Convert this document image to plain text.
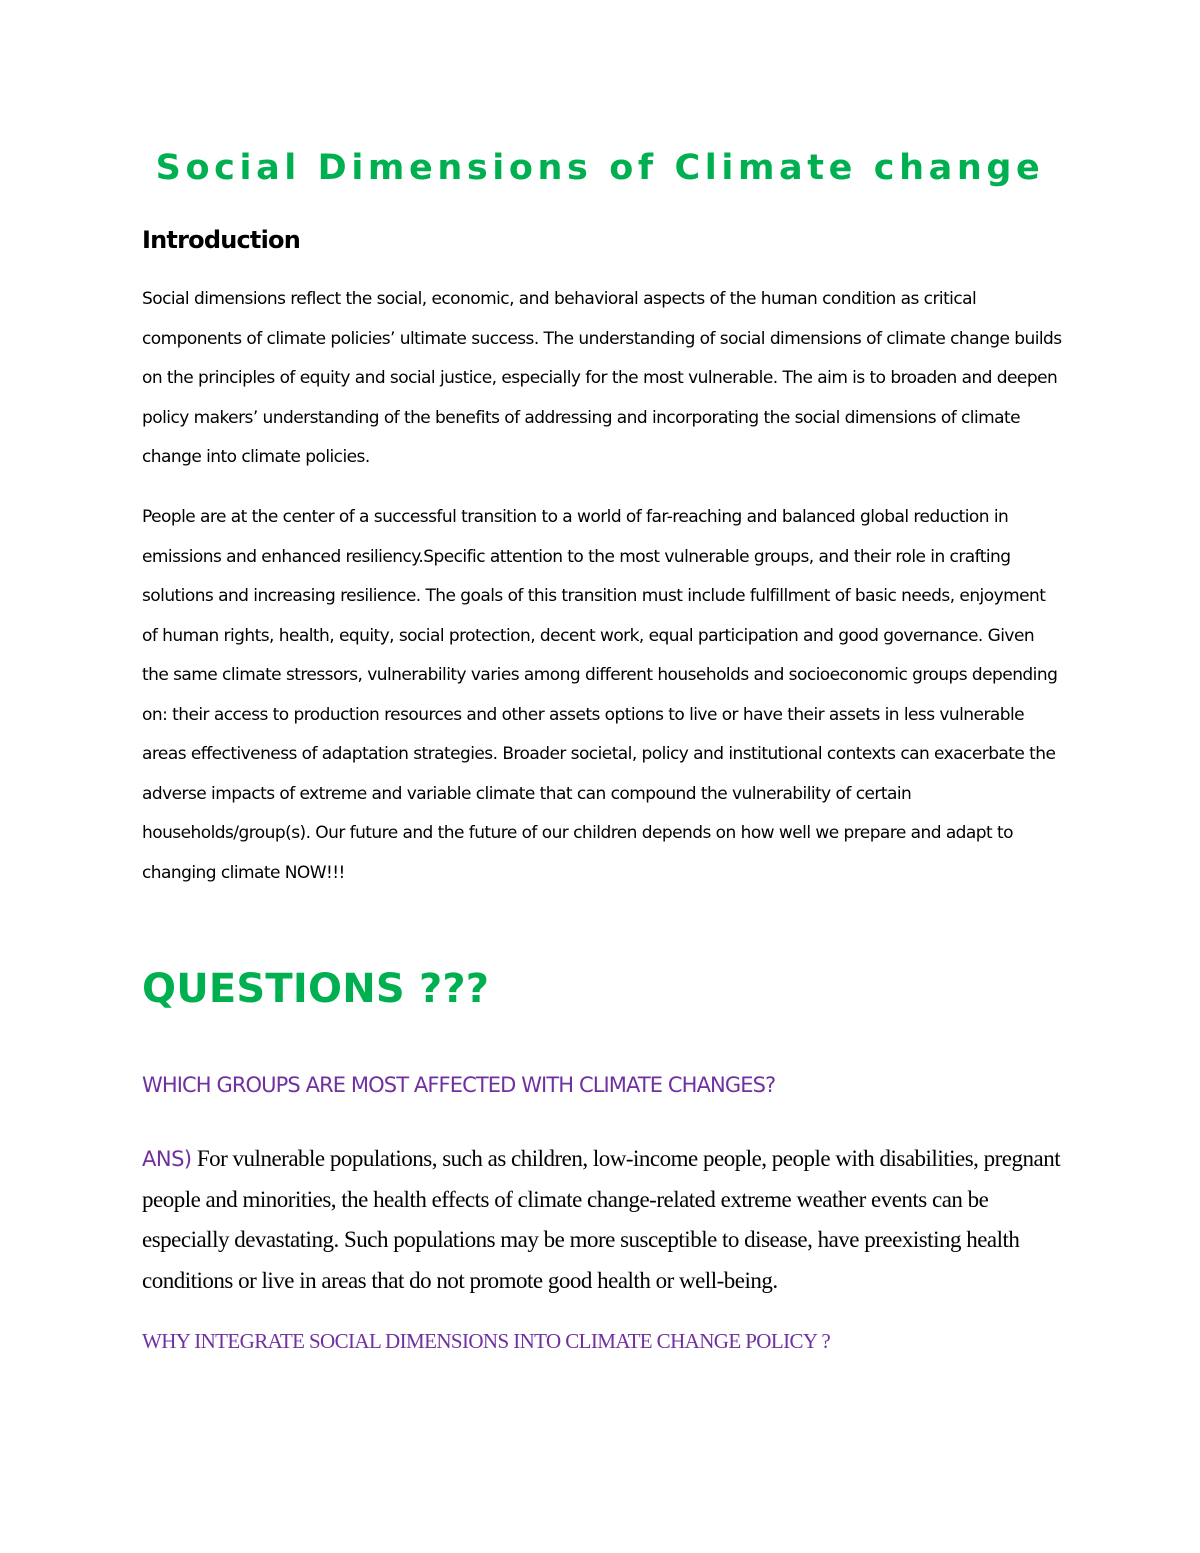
Social Dimensions of Climate change
Introduction
Social dimensions reflect the social, economic, and behavioral aspects of the human condition as critical components of climate policies’ ultimate success. The understanding of social dimensions of climate change builds on the principles of equity and social justice, especially for the most vulnerable. The aim is to broaden and deepen policy makers’ understanding of the benefits of addressing and incorporating the social dimensions of climate change into climate policies.
People are at the center of a successful transition to a world of far-reaching and balanced global reduction in emissions and enhanced resiliency.Specific attention to the most vulnerable groups, and their role in crafting solutions and increasing resilience. The goals of this transition must include fulfillment of basic needs, enjoyment of human rights, health, equity, social protection, decent work, equal participation and good governance. Given the same climate stressors, vulnerability varies among different households and socioeconomic groups depending on: their access to production resources and other assets options to live or have their assets in less vulnerable areas effectiveness of adaptation strategies. Broader societal, policy and institutional contexts can exacerbate the adverse impacts of extreme and variable climate that can compound the vulnerability of certain households/group(s). Our future and the future of our children depends on how well we prepare and adapt to changing climate NOW!!!
QUESTIONS ???
WHICH GROUPS ARE MOST AFFECTED WITH CLIMATE CHANGES?
ANS) For vulnerable populations, such as children, low-income people, people with disabilities, pregnant people and minorities, the health effects of climate change-related extreme weather events can be especially devastating. Such populations may be more susceptible to disease, have preexisting health conditions or live in areas that do not promote good health or well-being.
WHY INTEGRATE SOCIAL DIMENSIONS INTO CLIMATE CHANGE POLICY ?
